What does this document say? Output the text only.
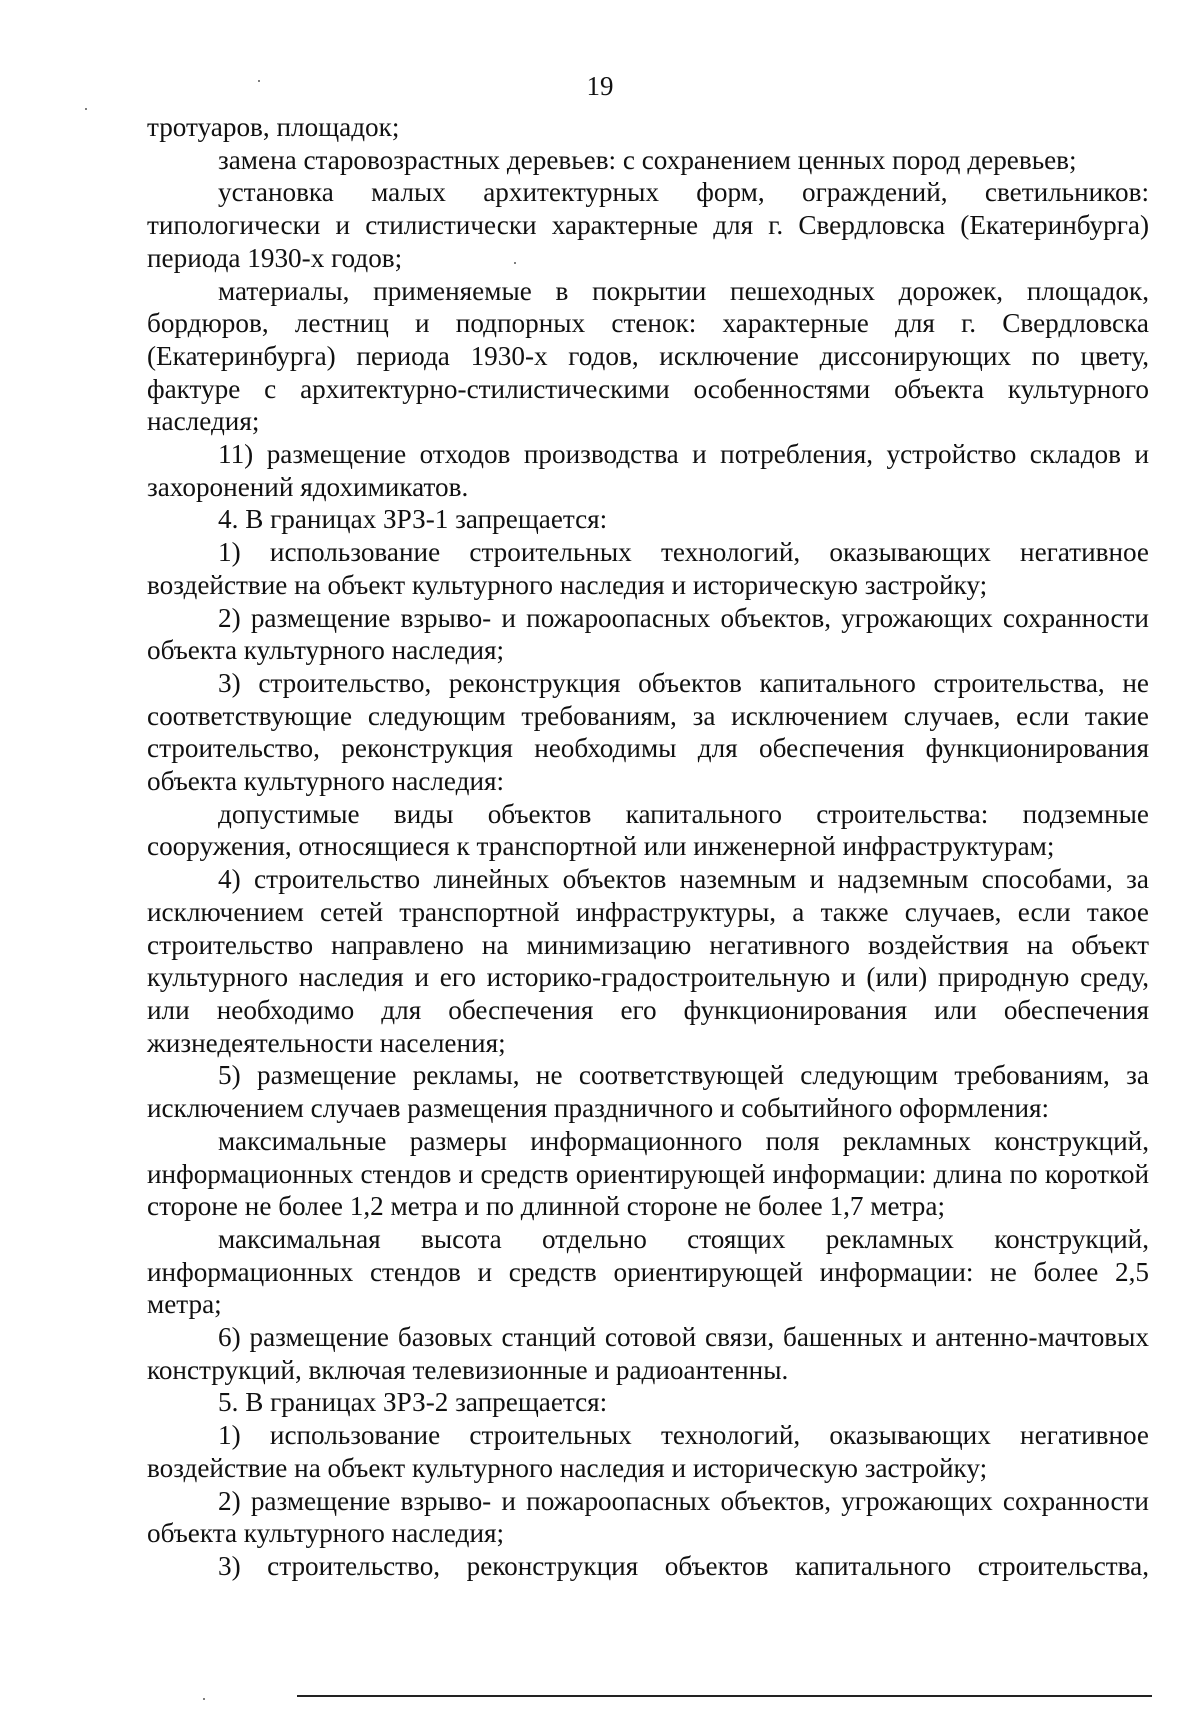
19

тротуаров, площадок;

замена старовозрастных деревьев: с сохранением ценных пород деревьев;

установка малых архитектурных форм, ограждений, светильников: типологически и стилистически характерные для г. Свердловска (Екатеринбурга) периода 1930-х годов;

материалы, применяемые в покрытии пешеходных дорожек, площадок, бордюров, лестниц и подпорных стенок: характерные для г. Свердловска (Екатеринбурга) периода 1930-х годов, исключение диссонирующих по цвету, фактуре с архитектурно-стилистическими особенностями объекта культурного наследия;

11) размещение отходов производства и потребления, устройство складов и захоронений ядохимикатов.

4. В границах ЗРЗ-1 запрещается:

1) использование строительных технологий, оказывающих негативное воздействие на объект культурного наследия и историческую застройку;

2) размещение взрыво- и пожароопасных объектов, угрожающих сохранности объекта культурного наследия;

3) строительство, реконструкция объектов капитального строительства, не соответствующие следующим требованиям, за исключением случаев, если такие строительство, реконструкция необходимы для обеспечения функционирования объекта культурного наследия:

допустимые виды объектов капитального строительства: подземные сооружения, относящиеся к транспортной или инженерной инфраструктурам;

4) строительство линейных объектов наземным и надземным способами, за исключением сетей транспортной инфраструктуры, а также случаев, если такое строительство направлено на минимизацию негативного воздействия на объект культурного наследия и его историко-градостроительную и (или) природную среду, или необходимо для обеспечения его функционирования или обеспечения жизнедеятельности населения;

5) размещение рекламы, не соответствующей следующим требованиям, за исключением случаев размещения праздничного и событийного оформления:

максимальные размеры информационного поля рекламных конструкций, информационных стендов и средств ориентирующей информации: длина по короткой стороне не более 1,2 метра и по длинной стороне не более 1,7 метра;

максимальная высота отдельно стоящих рекламных конструкций, информационных стендов и средств ориентирующей информации: не более 2,5 метра;

6) размещение базовых станций сотовой связи, башенных и антенно-мачтовых конструкций, включая телевизионные и радиоантенны.

5. В границах ЗРЗ-2 запрещается:

1) использование строительных технологий, оказывающих негативное воздействие на объект культурного наследия и историческую застройку;

2) размещение взрыво- и пожароопасных объектов, угрожающих сохранности объекта культурного наследия;

3) строительство, реконструкция объектов капитального строительства,
